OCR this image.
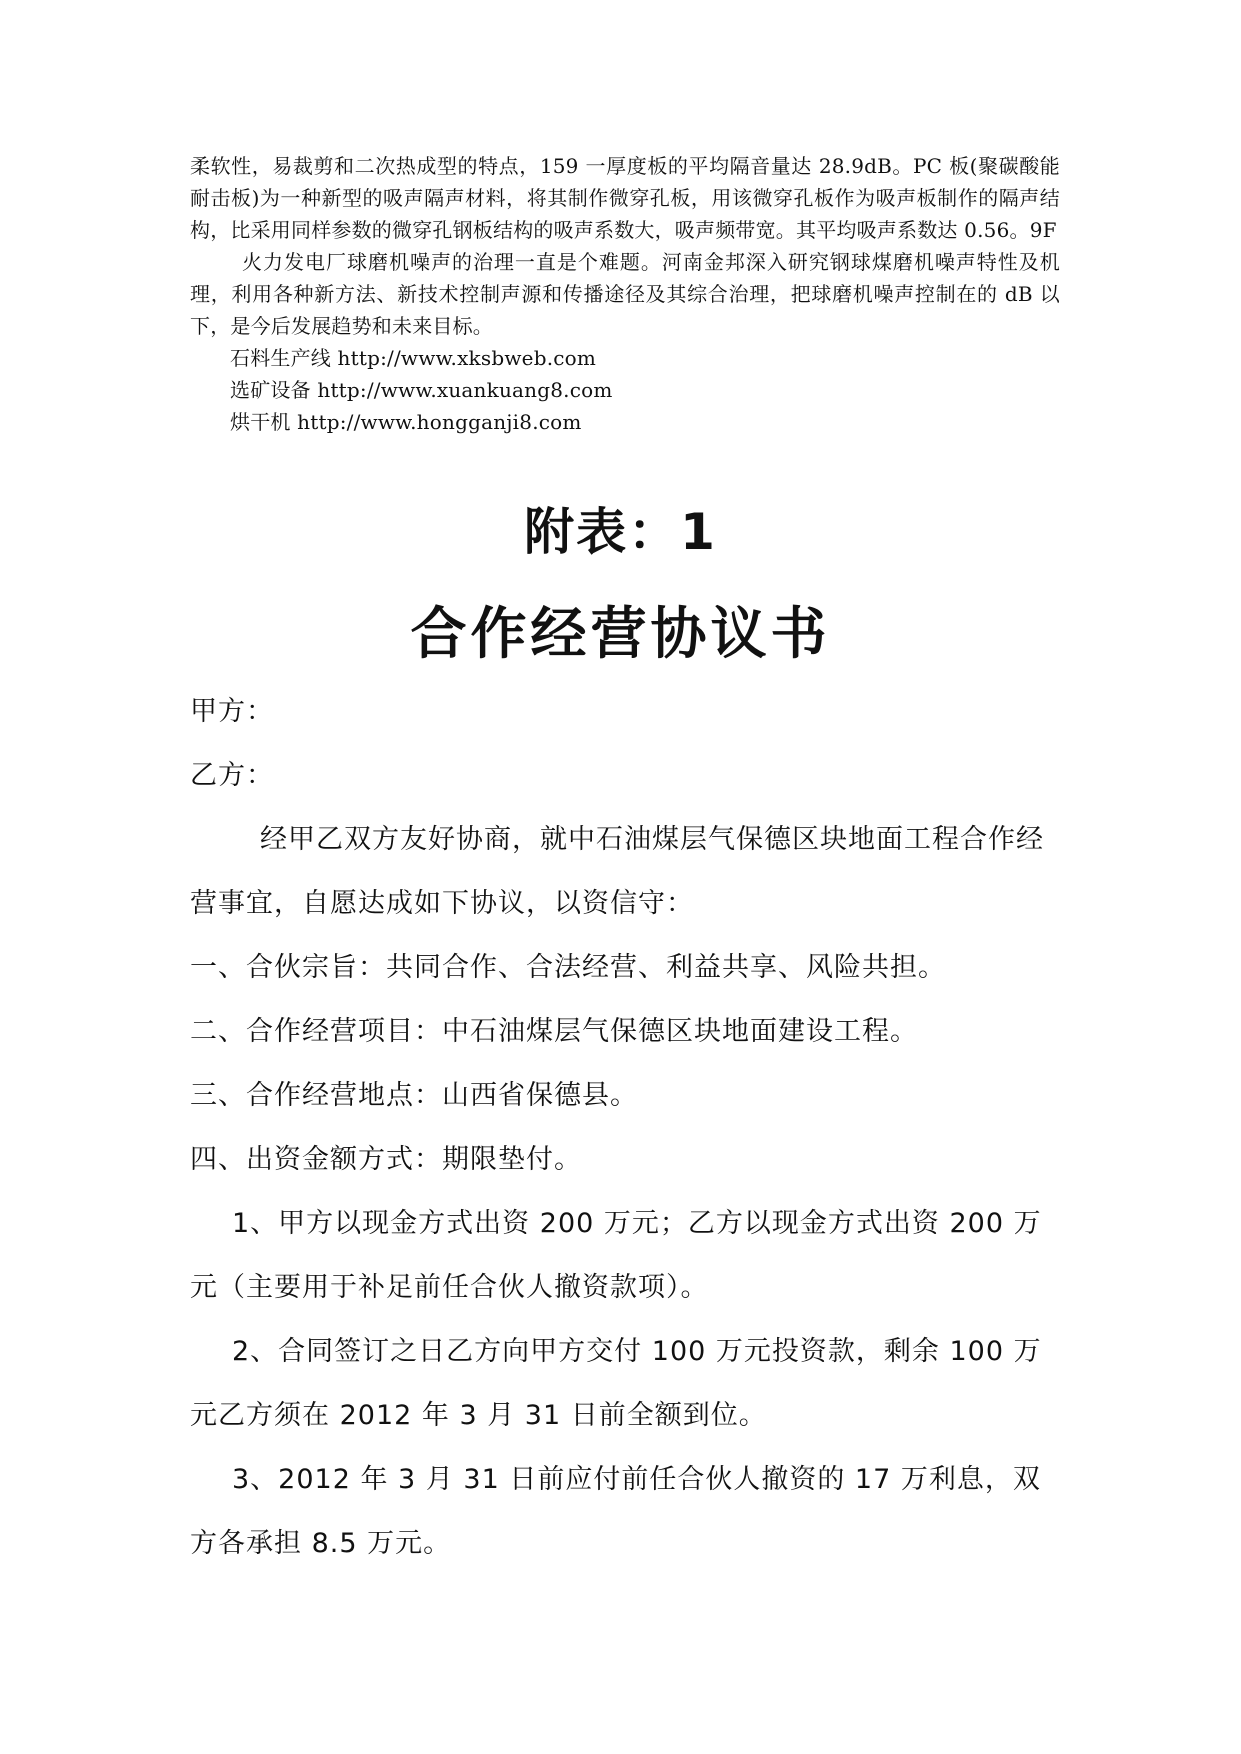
柔软性，易裁剪和二次热成型的特点，159 一厚度板的平均隔音量达 28.9dB。PC 板(聚碳酸能耐击板)为一种新型的吸声隔声材料，将其制作微穿孔板，用该微穿孔板作为吸声板制作的隔声结构，比采用同样参数的微穿孔钢板结构的吸声系数大，吸声频带宽。其平均吸声系数达 0.56。9F

火力发电厂球磨机噪声的治理一直是个难题。河南金邦深入研究钢球煤磨机噪声特性及机理，利用各种新方法、新技术控制声源和传播途径及其综合治理，把球磨机噪声控制在的 dB 以下，是今后发展趋势和未来目标。

石料生产线 http://www.xksbweb.com
选矿设备 http://www.xuankuang8.com
烘干机 http://www.hongganji8.com
附表：1
合作经营协议书

甲方：

乙方：

经甲乙双方友好协商，就中石油煤层气保德区块地面工程合作经营事宜，自愿达成如下协议，以资信守：

一、合伙宗旨：共同合作、合法经营、利益共享、风险共担。

二、合作经营项目：中石油煤层气保德区块地面建设工程。

三、合作经营地点：山西省保德县。

四、出资金额方式：期限垫付。

1、甲方以现金方式出资 200 万元；乙方以现金方式出资 200 万元（主要用于补足前任合伙人撤资款项）。

2、合同签订之日乙方向甲方交付 100 万元投资款，剩余 100 万元乙方须在 2012 年 3 月 31 日前全额到位。

3、2012 年 3 月 31 日前应付前任合伙人撤资的 17 万利息，双方各承担 8.5 万元。
